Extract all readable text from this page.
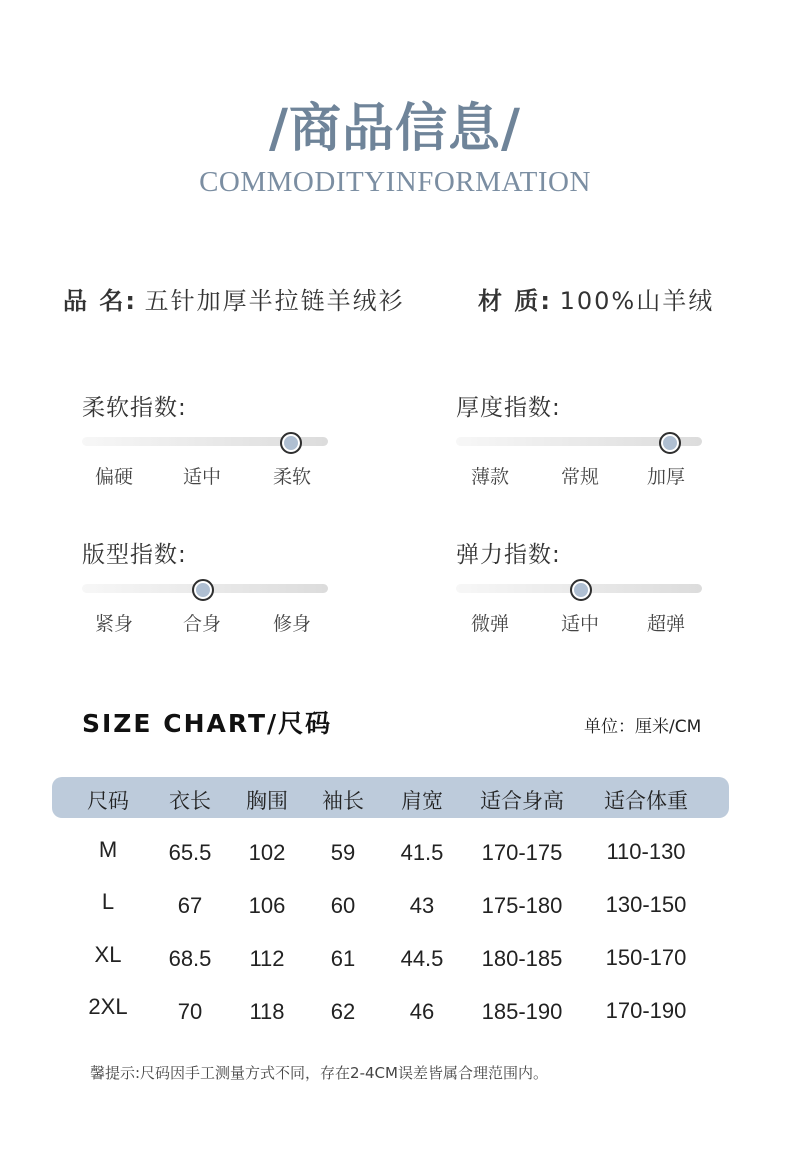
/商品信息/
COMMODITYINFORMATION
品 名: 五针加厚半拉链羊绒衫	材 质: 100%山羊绒
柔软指数:
偏硬	适中	柔软
厚度指数:
薄款	常规	加厚
版型指数:
紧身	合身	修身
弹力指数:
微弹	适中	超弹
SIZE CHART/尺码	单位：厘米/CM
尺码	衣长	胸围	袖长	肩宽	适合身高	适合体重
M	65.5	102	59	41.5	170-175	110-130
L	67	106	60	43	175-180	130-150
XL	68.5	112	61	44.5	180-185	150-170
2XL	70	118	62	46	185-190	170-190
馨提示:尺码因手工测量方式不同，存在2-4CM误差皆属合理范围内。
